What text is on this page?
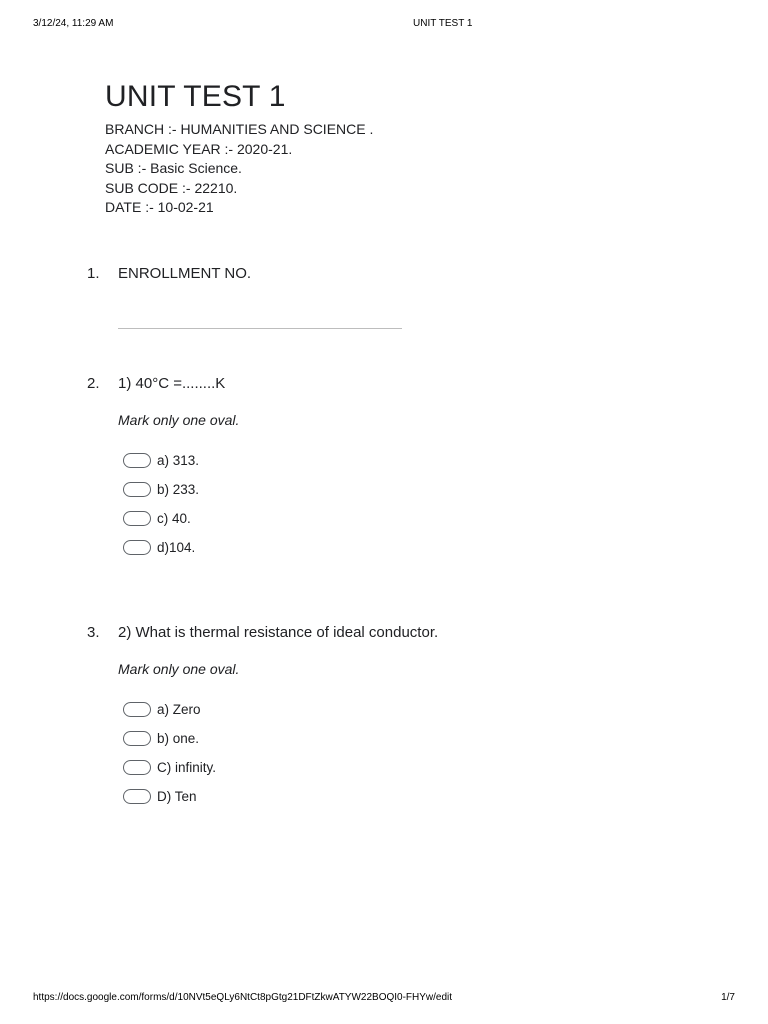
3/12/24, 11:29 AM	UNIT TEST 1
UNIT TEST 1
BRANCH :- HUMANITIES AND SCIENCE .
ACADEMIC YEAR :- 2020-21.
SUB :- Basic Science.
SUB CODE :- 22210.
DATE :- 10-02-21
1. ENROLLMENT NO.
2. 1) 40°C =........K
Mark only one oval.
a) 313.
b) 233.
c) 40.
d)104.
3. 2) What is thermal resistance of ideal conductor.
Mark only one oval.
a) Zero
b) one.
C) infinity.
D) Ten
https://docs.google.com/forms/d/10NVt5eQLy6NtCt8pGtg21DFtZkwATYW22BOQI0-FHYw/edit	1/7
